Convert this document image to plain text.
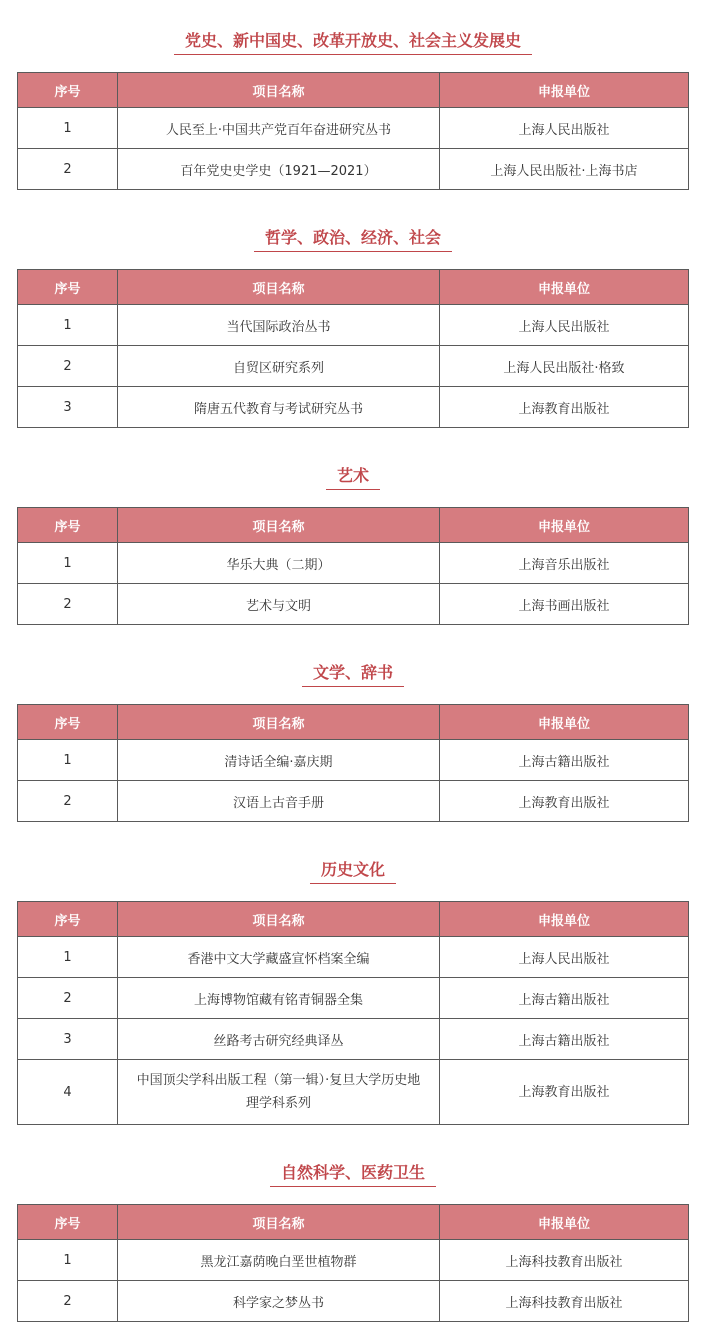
党史、新中国史、改革开放史、社会主义发展史
序号	项目名称	申报单位
1	人民至上·中国共产党百年奋进研究丛书	上海人民出版社
2	百年党史史学史（1921—2021）	上海人民出版社·上海书店
哲学、政治、经济、社会
序号	项目名称	申报单位
1	当代国际政治丛书	上海人民出版社
2	自贸区研究系列	上海人民出版社·格致
3	隋唐五代教育与考试研究丛书	上海教育出版社
艺术
序号	项目名称	申报单位
1	华乐大典（二期）	上海音乐出版社
2	艺术与文明	上海书画出版社
文学、辞书
序号	项目名称	申报单位
1	清诗话全编·嘉庆期	上海古籍出版社
2	汉语上古音手册	上海教育出版社
历史文化
序号	项目名称	申报单位
1	香港中文大学藏盛宣怀档案全编	上海人民出版社
2	上海博物馆藏有铭青铜器全集	上海古籍出版社
3	丝路考古研究经典译丛	上海古籍出版社
4	中国顶尖学科出版工程（第一辑）·复旦大学历史地理学科系列	上海教育出版社
自然科学、医药卫生
序号	项目名称	申报单位
1	黑龙江嘉荫晚白垩世植物群	上海科技教育出版社
2	科学家之梦丛书	上海科技教育出版社
